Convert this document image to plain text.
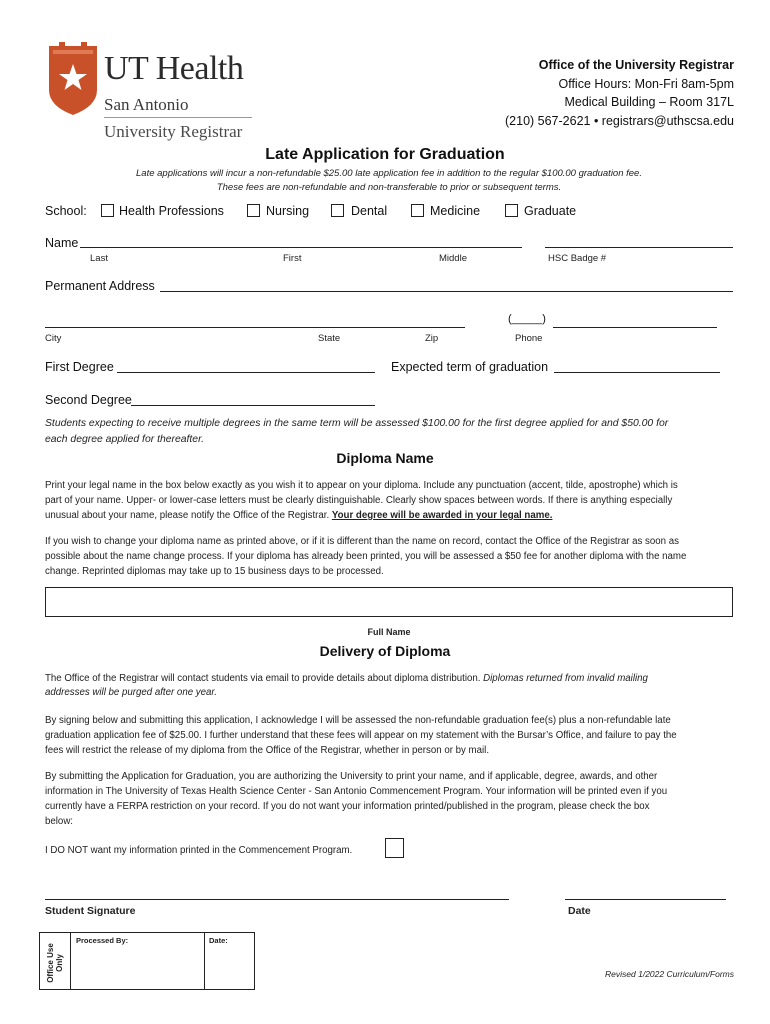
UT Health
San Antonio
University Registrar
Office of the University Registrar
Office Hours: Mon-Fri 8am-5pm
Medical Building – Room 317L
(210) 567-2621 • registrars@uthscsa.edu
Late Application for Graduation
Late applications will incur a non-refundable $25.00 late application fee in addition to the regular $100.00 graduation fee.
These fees are non-refundable and non-transferable to prior or subsequent terms.
School:	Health Professions	Nursing	Dental	Medicine	Graduate
Name
Last	First	Middle	HSC Badge #
Permanent Address
(_____)
City	State	Zip	Phone
First Degree	Expected term of graduation
Second Degree
Students expecting to receive multiple degrees in the same term will be assessed $100.00 for the first degree applied for and $50.00 for
each degree applied for thereafter.
Diploma Name
Print your legal name in the box below exactly as you wish it to appear on your diploma. Include any punctuation (accent, tilde, apostrophe) which is
part of your name. Upper- or lower-case letters must be clearly distinguishable. Clearly show spaces between words. If there is anything especially
unusual about your name, please notify the Office of the Registrar. Your degree will be awarded in your legal name.
If you wish to change your diploma name as printed above, or if it is different than the name on record, contact the Office of the Registrar as soon as
possible about the name change process. If your diploma has already been printed, you will be assessed a $50 fee for another diploma with the name
change. Reprinted diplomas may take up to 15 business days to be processed.
Full Name
Delivery of Diploma
The Office of the Registrar will contact students via email to provide details about diploma distribution. Diplomas returned from invalid mailing
addresses will be purged after one year.
By signing below and submitting this application, I acknowledge I will be assessed the non-refundable graduation fee(s) plus a non-refundable late
graduation application fee of $25.00. I further understand that these fees will appear on my statement with the Bursar’s Office, and failure to pay the
fees will restrict the release of my diploma from the Office of the Registrar, whether in person or by mail.
By submitting the Application for Graduation, you are authorizing the University to print your name, and if applicable, degree, awards, and other
information in The University of Texas Health Science Center - San Antonio Commencement Program. Your information will be printed even if you
currently have a FERPA restriction on your record. If you do not want your information printed/published in the program, please check the box
below:
I DO NOT want my information printed in the Commencement Program.
Student Signature	Date
Office Use Only
Processed By:	Date:
Revised 1/2022 Curriculum/Forms
